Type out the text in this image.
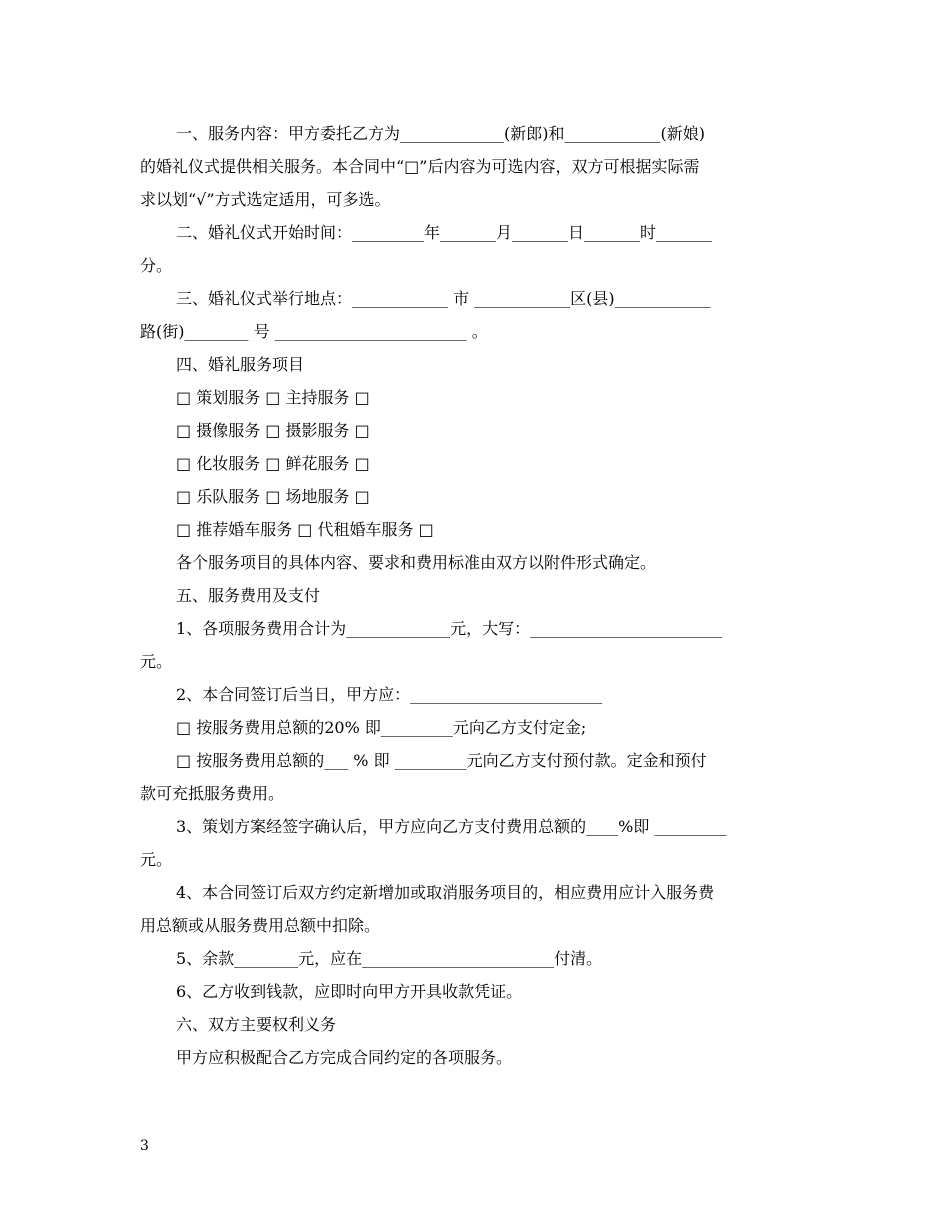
一、服务内容：甲方委托乙方为_____________(新郎)和____________(新娘)
的婚礼仪式提供相关服务。本合同中“□”后内容为可选内容，双方可根据实际需
求以划“√”方式选定适用，可多选。

二、婚礼仪式开始时间：_________年_______月_______日_______时_______
分。

三、婚礼仪式举行地点：____________ 市 ____________区(县)____________
路(街)________ 号 ________________________ 。

四、婚礼服务项目

□ 策划服务 □ 主持服务 □

□ 摄像服务 □ 摄影服务 □

□ 化妆服务 □ 鲜花服务 □

□ 乐队服务 □ 场地服务 □

□ 推荐婚车服务 □ 代租婚车服务 □

各个服务项目的具体内容、要求和费用标准由双方以附件形式确定。

五、服务费用及支付

1、各项服务费用合计为_____________元，大写：________________________
元。

2、本合同签订后当日，甲方应：________________________

□ 按服务费用总额的20% 即_________元向乙方支付定金;

□ 按服务费用总额的___ % 即 _________元向乙方支付预付款。定金和预付
款可充抵服务费用。

3、策划方案经签字确认后，甲方应向乙方支付费用总额的____%即 _________
元。

4、本合同签订后双方约定新增加或取消服务项目的，相应费用应计入服务费
用总额或从服务费用总额中扣除。

5、余款________元，应在________________________付清。

6、乙方收到钱款，应即时向甲方开具收款凭证。

六、双方主要权利义务

甲方应积极配合乙方完成合同约定的各项服务。

3
